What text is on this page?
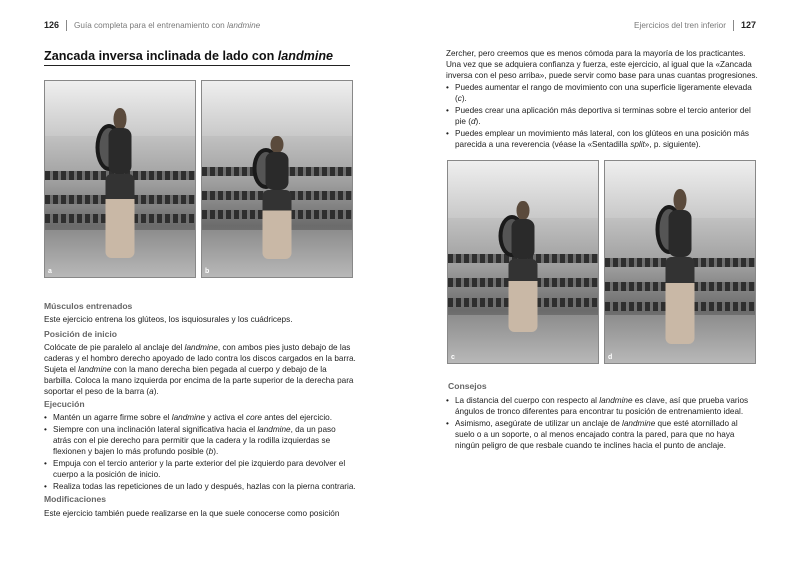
126 Guía completa para el entrenamiento con landmine
Zancada inversa inclinada de lado con landmine
a	b
Músculos entrenados

Este ejercicio entrena los glúteos, los isquiosurales y los cuádriceps.

Posición de inicio

Colócate de pie paralelo al anclaje del landmine, con ambos pies justo debajo de las caderas y el hombro derecho apoyado de lado contra los discos cargados en la barra. Sujeta el landmine con la mano derecha bien pegada al cuerpo y debajo de la barbilla. Coloca la mano izquierda por encima de la parte superior de la derecha para soportar el peso de la barra (a).

Ejecución
• Mantén un agarre firme sobre el landmine y activa el core antes del ejercicio.
• Siempre con una inclinación lateral significativa hacia el landmine, da un paso atrás con el pie derecho para permitir que la cadera y la rodilla izquierdas se flexionen y bajen lo más profundo posible (b).
• Empuja con el tercio anterior y la parte exterior del pie izquierdo para devolver el cuerpo a la posición de inicio.
• Realiza todas las repeticiones de un lado y después, hazlas con la pierna contraria.
Modificaciones

Este ejercicio también puede realizarse en la que suele conocerse como posición

Ejercicios del tren inferior 127

Zercher, pero creemos que es menos cómoda para la mayoría de los practicantes. Una vez que se adquiera confianza y fuerza, este ejercicio, al igual que la «Zancada inversa con el peso arriba», puede servir como base para unas cuantas progresiones.

• Puedes aumentar el rango de movimiento con una superficie ligeramente elevada (c).
• Puedes crear una aplicación más deportiva si terminas sobre el tercio anterior del pie (d).
• Puedes emplear un movimiento más lateral, con los glúteos en una posición más parecida a una reverencia (véase la «Sentadilla split», p. siguiente).
c	d
Consejos
• La distancia del cuerpo con respecto al landmine es clave, así que prueba varios ángulos de tronco diferentes para encontrar tu posición de entrenamiento ideal.
• Asimismo, asegúrate de utilizar un anclaje de landmine que esté atornillado al suelo o a un soporte, o al menos encajado contra la pared, para que no haya ningún peligro de que resbale cuando te inclines hacia el punto de anclaje.
